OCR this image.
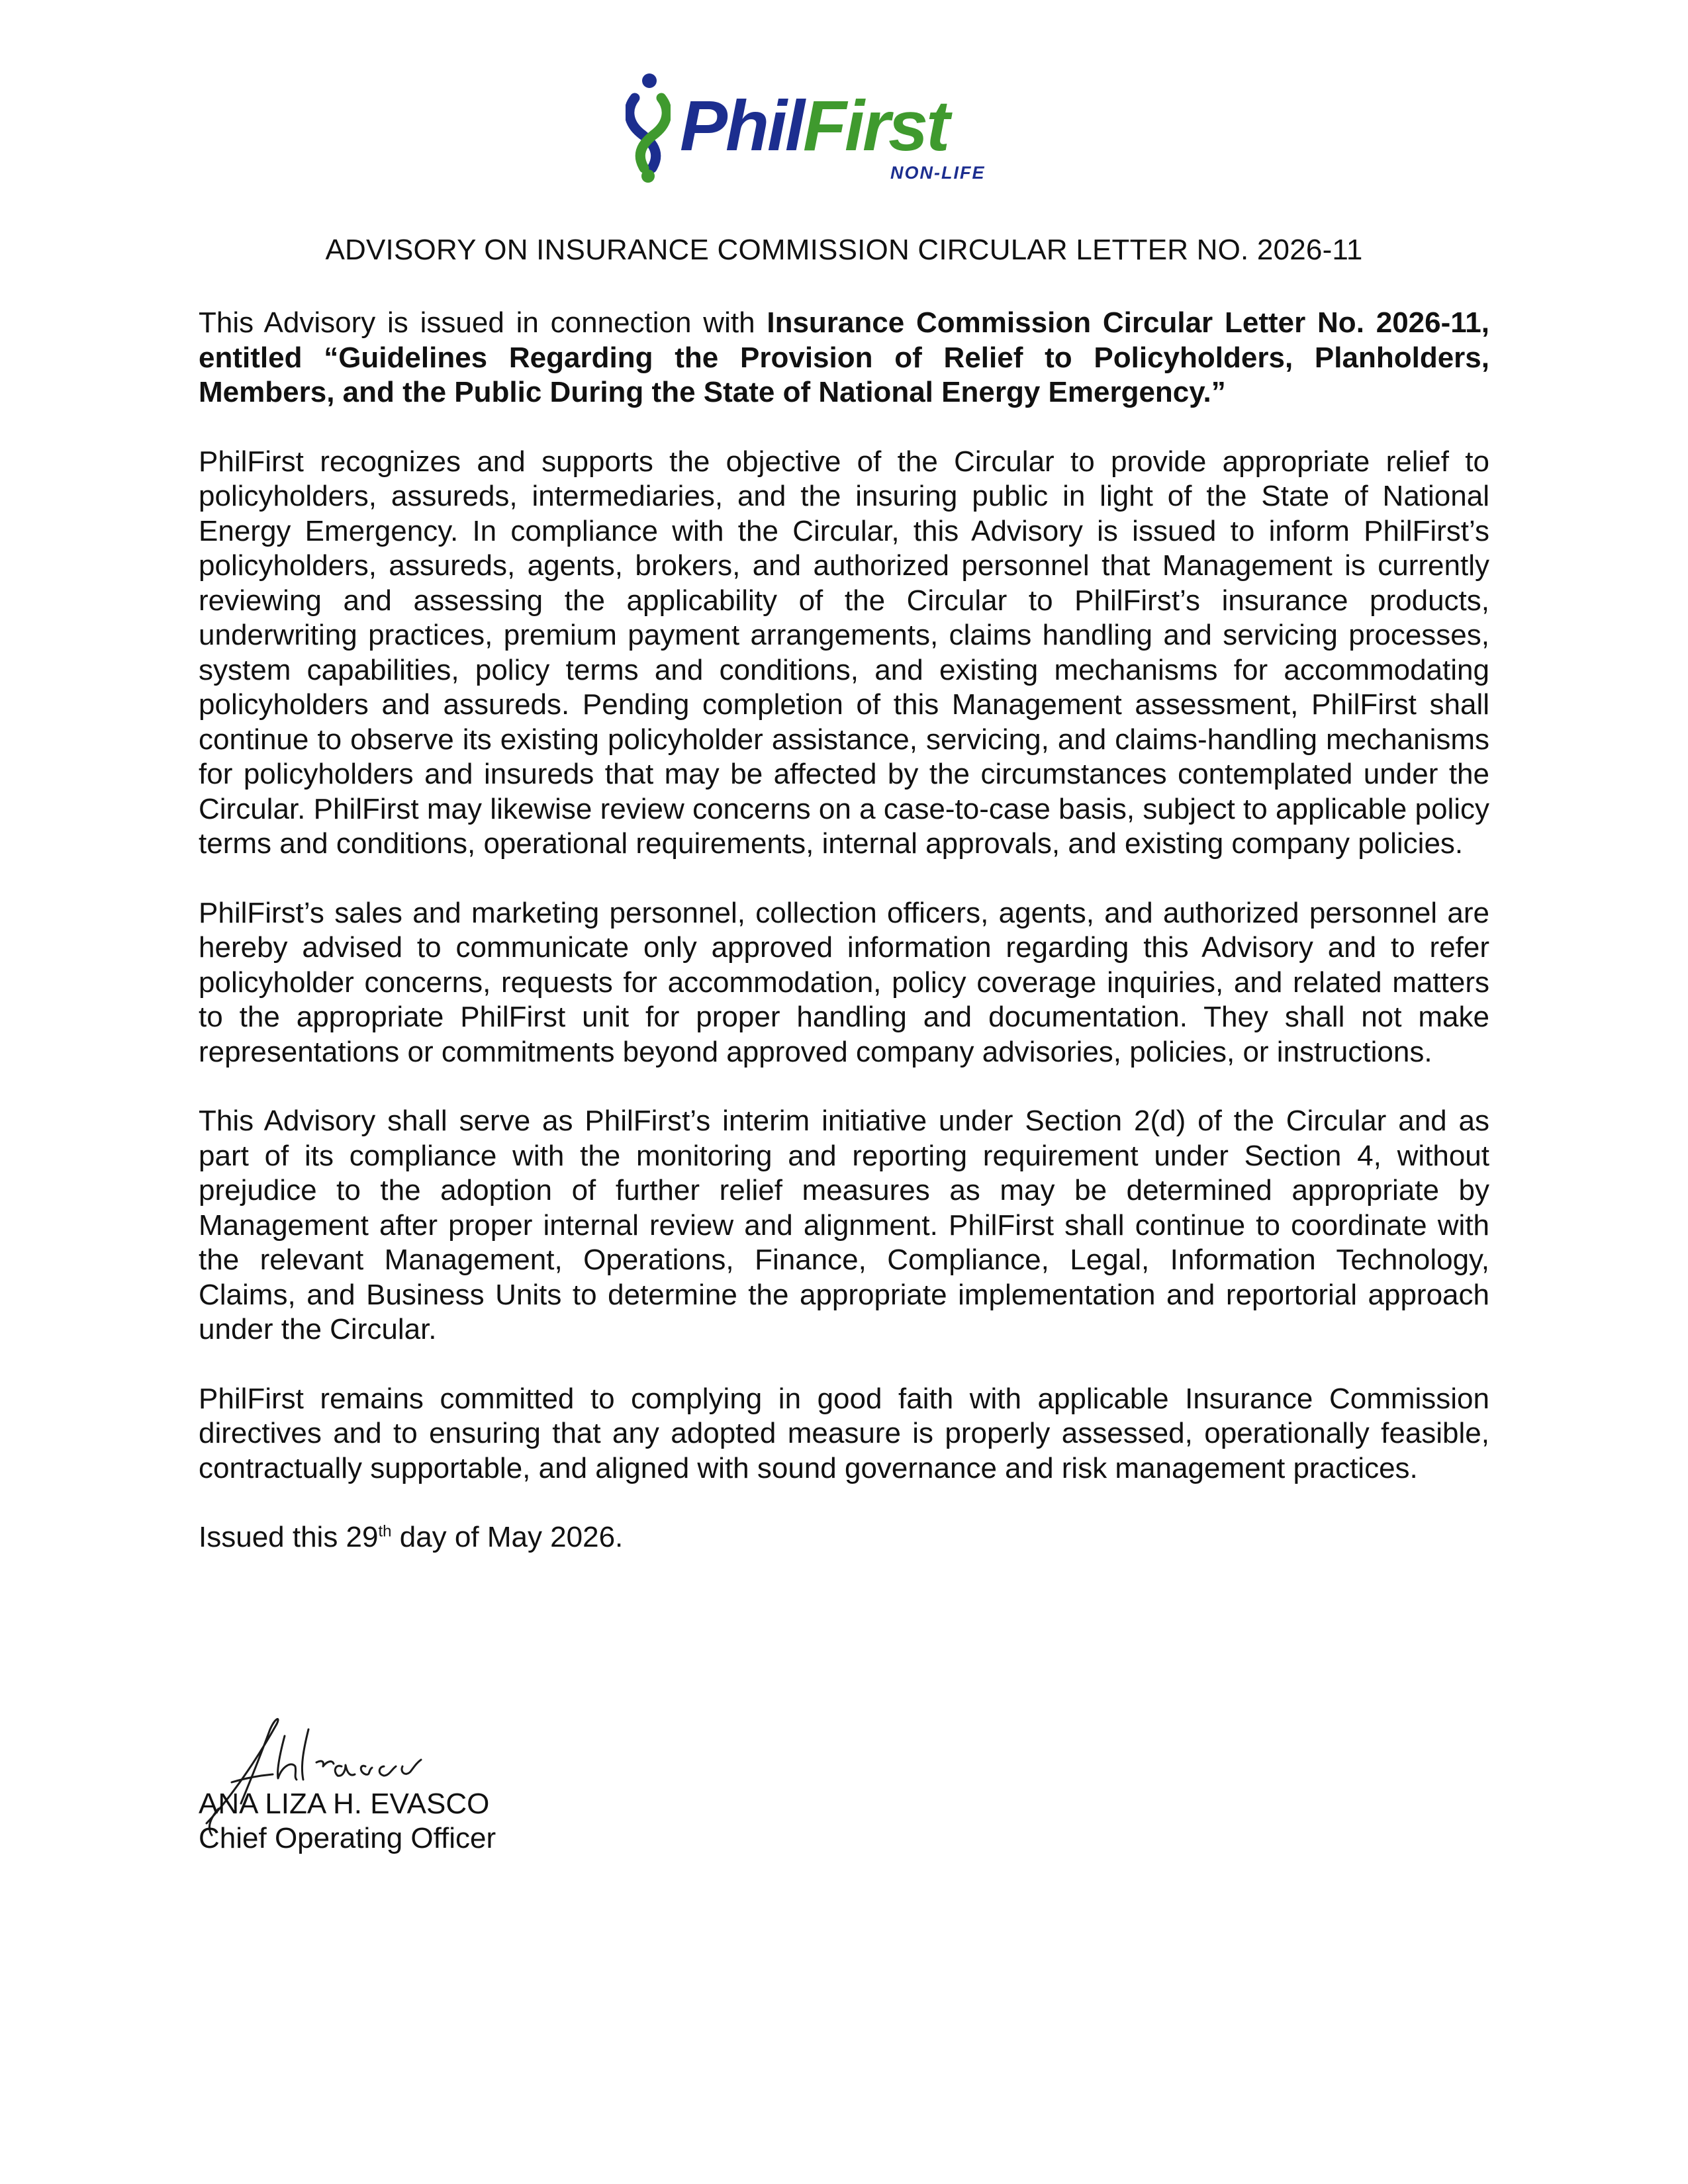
PhilFirst
NON-LIFE
ADVISORY ON INSURANCE COMMISSION CIRCULAR LETTER NO. 2026-11

This Advisory is issued in connection with Insurance Commission Circular Letter No. 2026-11, entitled “Guidelines Regarding the Provision of Relief to Policyholders, Planholders, Members, and the Public During the State of National Energy Emergency.”

PhilFirst recognizes and supports the objective of the Circular to provide appropriate relief to policyholders, assureds, intermediaries, and the insuring public in light of the State of National Energy Emergency. In compliance with the Circular, this Advisory is issued to inform PhilFirst’s policyholders, assureds, agents, brokers, and authorized personnel that Management is currently reviewing and assessing the applicability of the Circular to PhilFirst’s insurance products, underwriting practices, premium payment arrangements, claims handling and servicing processes, system capabilities, policy terms and conditions, and existing mechanisms for accommodating policyholders and assureds. Pending completion of this Management assessment, PhilFirst shall continue to observe its existing policyholder assistance, servicing, and claims-handling mechanisms for policyholders and insureds that may be affected by the circumstances contemplated under the Circular. PhilFirst may likewise review concerns on a case-to-case basis, subject to applicable policy terms and conditions, operational requirements, internal approvals, and existing company policies.

PhilFirst’s sales and marketing personnel, collection officers, agents, and authorized personnel are hereby advised to communicate only approved information regarding this Advisory and to refer policyholder concerns, requests for accommodation, policy coverage inquiries, and related matters to the appropriate PhilFirst unit for proper handling and documentation. They shall not make representations or commitments beyond approved company advisories, policies, or instructions.

This Advisory shall serve as PhilFirst’s interim initiative under Section 2(d) of the Circular and as part of its compliance with the monitoring and reporting requirement under Section 4, without prejudice to the adoption of further relief measures as may be determined appropriate by Management after proper internal review and alignment. PhilFirst shall continue to coordinate with the relevant Management, Operations, Finance, Compliance, Legal, Information Technology, Claims, and Business Units to determine the appropriate implementation and reportorial approach under the Circular.

PhilFirst remains committed to complying in good faith with applicable Insurance Commission directives and to ensuring that any adopted measure is properly assessed, operationally feasible, contractually supportable, and aligned with sound governance and risk management practices.

Issued this 29th day of May 2026.

ANA LIZA H. EVASCO
Chief Operating Officer
